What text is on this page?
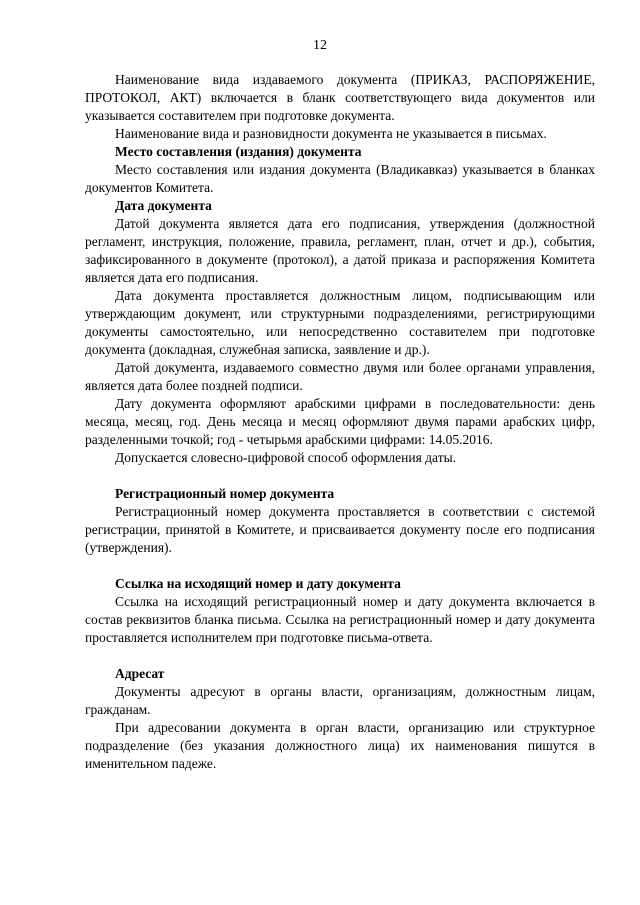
12

Наименование вида издаваемого документа (ПРИКАЗ, РАСПОРЯЖЕНИЕ, ПРОТОКОЛ, АКТ) включается в бланк соответствующего вида документов или указывается составителем при подготовке документа.

Наименование вида и разновидности документа не указывается в письмах.

Место составления (издания) документа

Место составления или издания документа (Владикавказ) указывается в бланках документов Комитета.

Дата документа

Датой документа является дата его подписания, утверждения (должностной регламент, инструкция, положение, правила, регламент, план, отчет и др.), события, зафиксированного в документе (протокол), а датой приказа и распоряжения Комитета является дата его подписания.

Дата документа проставляется должностным лицом, подписывающим или утверждающим документ, или структурными подразделениями, регистрирующими документы самостоятельно, или непосредственно составителем при подготовке документа (докладная, служебная записка, заявление и др.).

Датой документа, издаваемого совместно двумя или более органами управления, является дата более поздней подписи.

Дату документа оформляют арабскими цифрами в последовательности: день месяца, месяц, год. День месяца и месяц оформляют двумя парами арабских цифр, разделенными точкой; год - четырьмя арабскими цифрами: 14.05.2016.

Допускается словесно-цифровой способ оформления даты.

Регистрационный номер документа

Регистрационный номер документа проставляется в соответствии с системой регистрации, принятой в Комитете, и присваивается документу после его подписания (утверждения).

Ссылка на исходящий номер и дату документа

Ссылка на исходящий регистрационный номер и дату документа включается в состав реквизитов бланка письма. Ссылка на регистрационный номер и дату документа проставляется исполнителем при подготовке письма-ответа.

Адресат

Документы адресуют в органы власти, организациям, должностным лицам, гражданам.

При адресовании документа в орган власти, организацию или структурное подразделение (без указания должностного лица) их наименования пишутся в именительном падеже.
